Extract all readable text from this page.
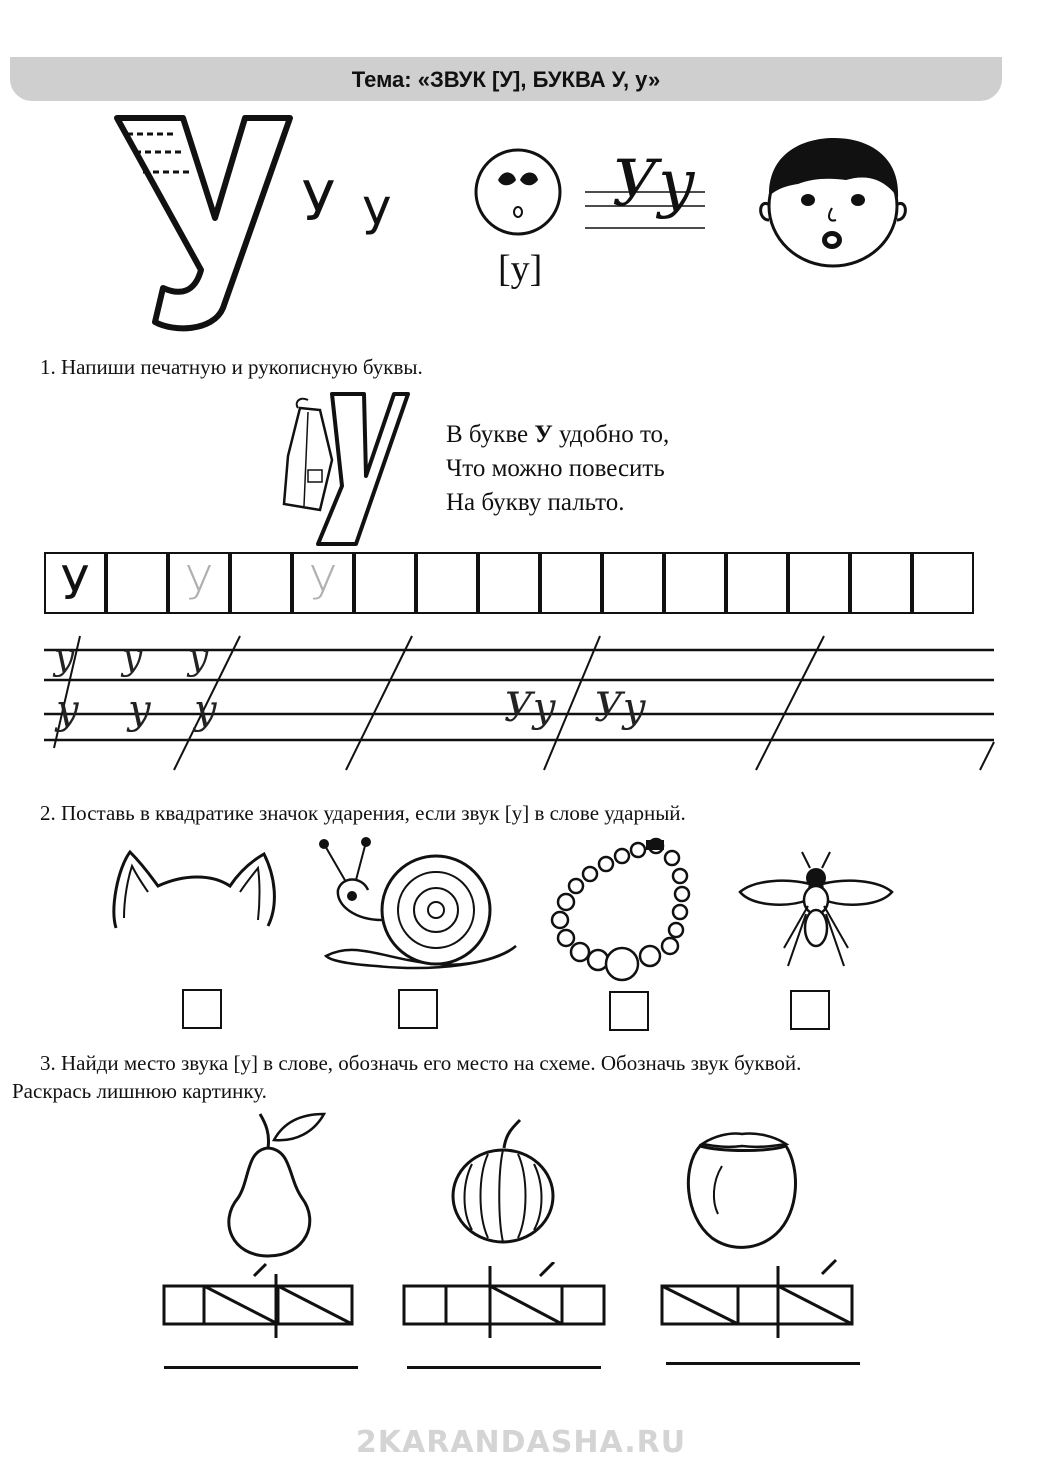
Тема: «ЗВУК [У], БУКВА У, у»
У у
[у]
Уу
1. Напиши печатную и рукописную буквы.
В букве У удобно то,
Что можно повесить
На букву пальто.
У	У	У
у у у
у у у	Уу Уу
2. Поставь в квадратике значок ударения, если звук [у] в слове ударный.
3. Найди место звука [у] в слове, обозначь его место на схеме. Обозначь звук буквой.
Раскрась лишнюю картинку.
2KARANDASHA.RU
